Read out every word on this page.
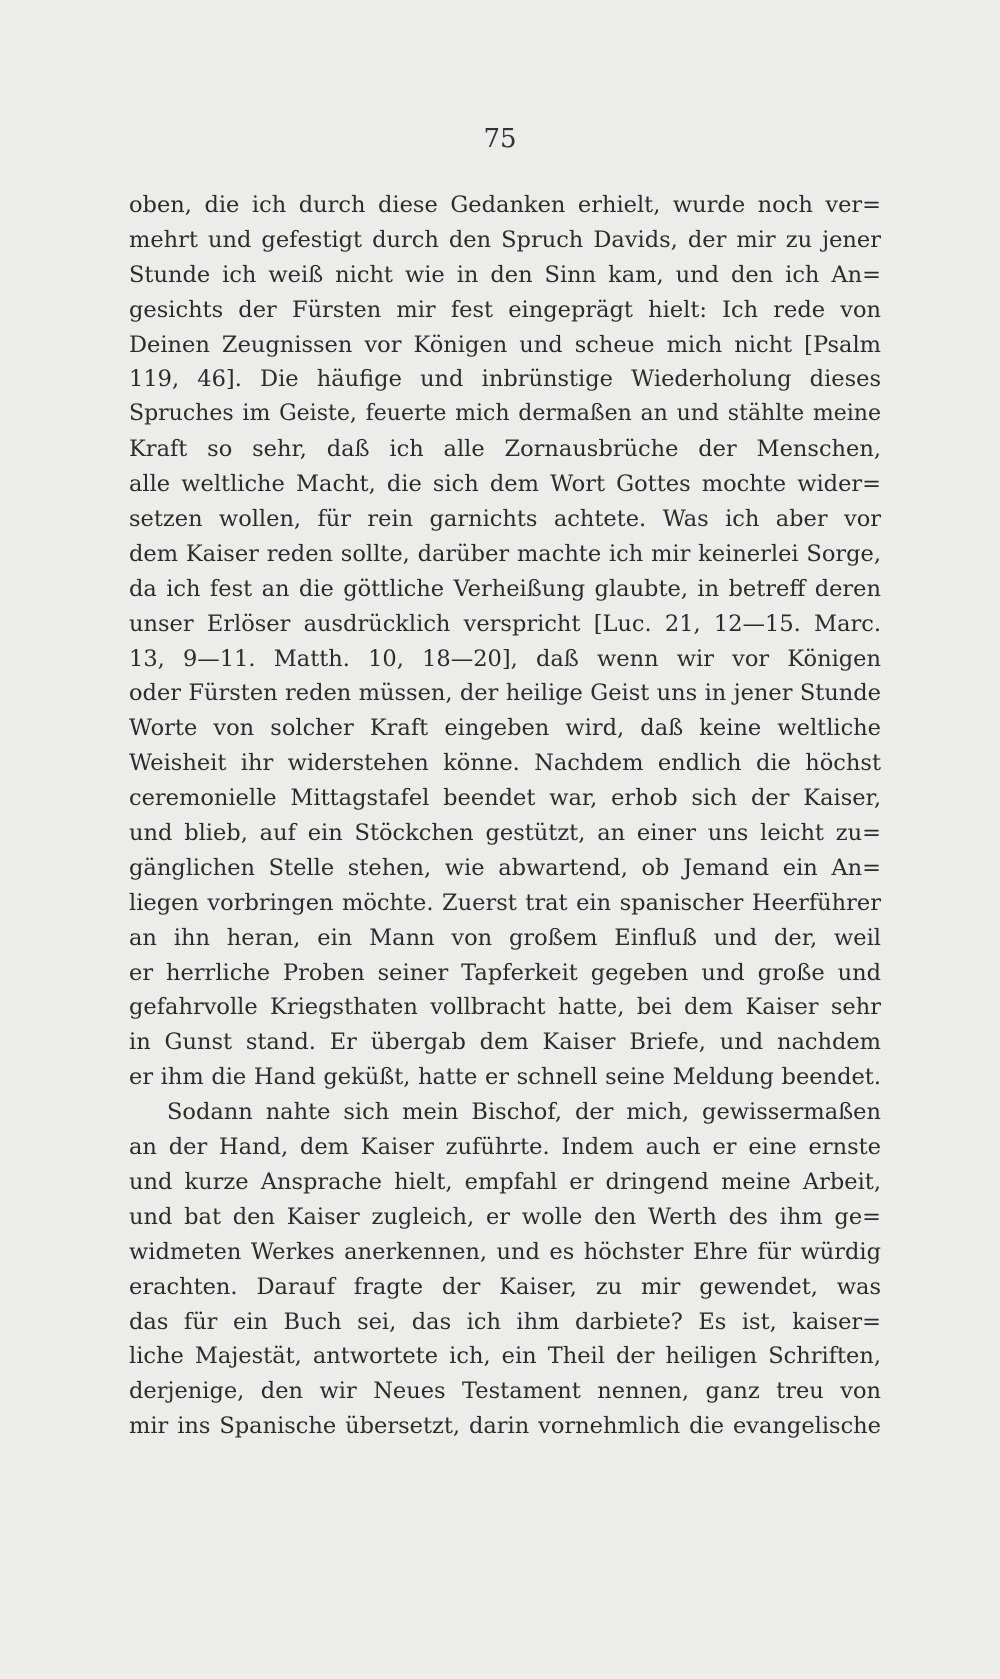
75
oben, die ich durch diese Gedanken erhielt, wurde noch ver=
mehrt und gefestigt durch den Spruch Davids, der mir zu jener
Stunde ich weiß nicht wie in den Sinn kam, und den ich An=
gesichts der Fürsten mir fest eingeprägt hielt: Ich rede von
Deinen Zeugnissen vor Königen und scheue mich nicht [Psalm
119, 46]. Die häufige und inbrünstige Wiederholung dieses
Spruches im Geiste, feuerte mich dermaßen an und stählte meine
Kraft so sehr, daß ich alle Zornausbrüche der Menschen,
alle weltliche Macht, die sich dem Wort Gottes mochte wider=
setzen wollen, für rein garnichts achtete. Was ich aber vor
dem Kaiser reden sollte, darüber machte ich mir keinerlei Sorge,
da ich fest an die göttliche Verheißung glaubte, in betreff deren
unser Erlöser ausdrücklich verspricht [Luc. 21, 12—15. Marc.
13, 9—11. Matth. 10, 18—20], daß wenn wir vor Königen
oder Fürsten reden müssen, der heilige Geist uns in jener Stunde
Worte von solcher Kraft eingeben wird, daß keine weltliche
Weisheit ihr widerstehen könne. Nachdem endlich die höchst
ceremonielle Mittagstafel beendet war, erhob sich der Kaiser,
und blieb, auf ein Stöckchen gestützt, an einer uns leicht zu=
gänglichen Stelle stehen, wie abwartend, ob Jemand ein An=
liegen vorbringen möchte. Zuerst trat ein spanischer Heerführer
an ihn heran, ein Mann von großem Einfluß und der, weil
er herrliche Proben seiner Tapferkeit gegeben und große und
gefahrvolle Kriegsthaten vollbracht hatte, bei dem Kaiser sehr
in Gunst stand. Er übergab dem Kaiser Briefe, und nachdem
er ihm die Hand geküßt, hatte er schnell seine Meldung beendet.
Sodann nahte sich mein Bischof, der mich, gewissermaßen
an der Hand, dem Kaiser zuführte. Indem auch er eine ernste
und kurze Ansprache hielt, empfahl er dringend meine Arbeit,
und bat den Kaiser zugleich, er wolle den Werth des ihm ge=
widmeten Werkes anerkennen, und es höchster Ehre für würdig
erachten. Darauf fragte der Kaiser, zu mir gewendet, was
das für ein Buch sei, das ich ihm darbiete? Es ist, kaiser=
liche Majestät, antwortete ich, ein Theil der heiligen Schriften,
derjenige, den wir Neues Testament nennen, ganz treu von
mir ins Spanische übersetzt, darin vornehmlich die evangelische
